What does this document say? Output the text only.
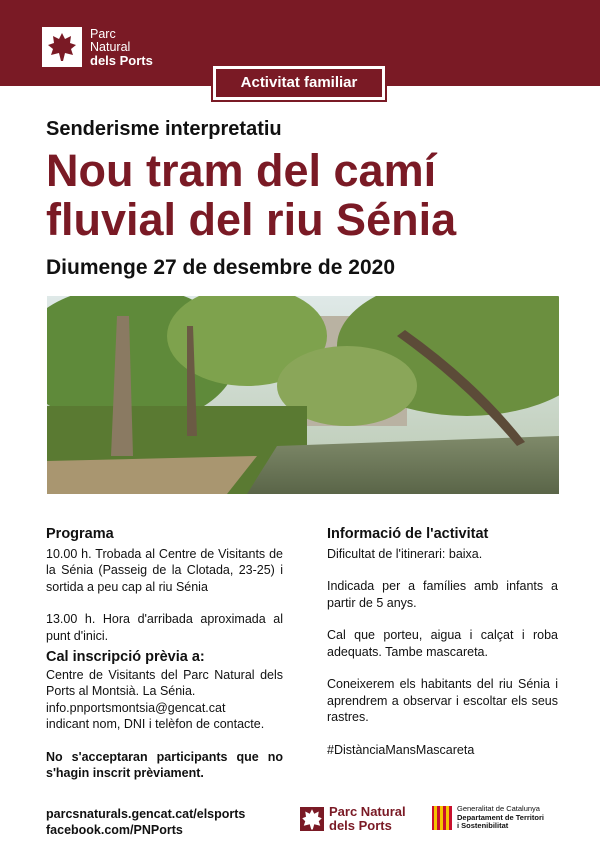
Parc
Natural
dels Ports
Activitat familiar
Senderisme interpretatiu
Nou tram del camí
fluvial del riu Sénia
Diumenge 27 de desembre de 2020
Programa

10.00 h. Trobada al Centre de Visitants de la Sénia (Passeig de la Clotada, 23-25) i sortida a peu cap al riu Sénia

13.00 h. Hora d'arribada aproximada al punt d'inici.

Cal inscripció prèvia a:

Centre de Visitants del Parc Natural dels Ports al Montsià. La Sénia.

info.pnportsmontsia@gencat.cat

indicant nom, DNI i telèfon de contacte.

No s'acceptaran participants que no s'hagin inscrit prèviament.

Informació de l'activitat

Dificultat de l'itinerari: baixa.

Indicada per a famílies amb infants a partir de 5 anys.

Cal que porteu, aigua i calçat i roba adequats. Tambe mascareta.

Coneixerem els habitants del riu Sénia i aprendrem a observar i escoltar els seus rastres.

#DistànciaMansMascareta

parcsnaturals.gencat.cat/elsports
facebook.com/PNPorts
Parc Natural
dels Ports
Generalitat de Catalunya
Departament de Territori
i Sostenibilitat
